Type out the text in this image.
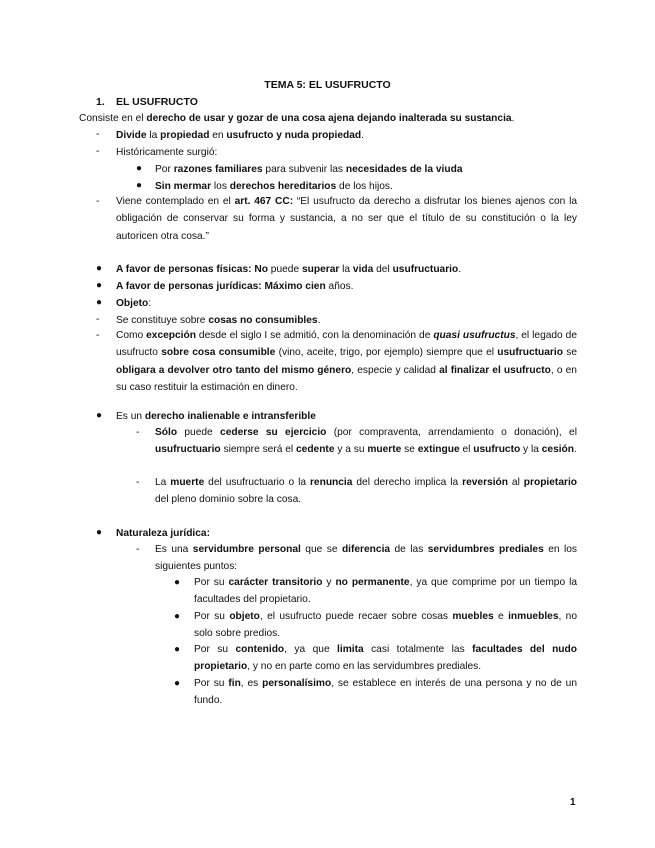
TEMA 5: EL USUFRUCTO
1. EL USUFRUCTO
Consiste en el derecho de usar y gozar de una cosa ajena dejando inalterada su sustancia.
- Divide la propiedad en usufructo y nuda propiedad.
- Históricamente surgió:
● Por razones familiares para subvenir las necesidades de la viuda
● Sin mermar los derechos hereditarios de los hijos.
- Viene contemplado en el art. 467 CC: “El usufructo da derecho a disfrutar los bienes ajenos con la obligación de conservar su forma y sustancia, a no ser que el título de su constitución o la ley autoricen otra cosa.”
● A favor de personas físicas: No puede superar la vida del usufructuario.
● A favor de personas jurídicas: Máximo cien años.
● Objeto:
- Se constituye sobre cosas no consumibles.
- Como excepción desde el siglo I se admitió, con la denominación de quasi usufructus, el legado de usufructo sobre cosa consumible (vino, aceite, trigo, por ejemplo) siempre que el usufructuario se obligara a devolver otro tanto del mismo género, especie y calidad al finalizar el usufructo, o en su caso restituir la estimación en dinero.
● Es un derecho inalienable e intransferible
- Sólo puede cederse su ejercicio (por compraventa, arrendamiento o donación), el usufructuario siempre será el cedente y a su muerte se extingue el usufructo y la cesión.
- La muerte del usufructuario o la renuncia del derecho implica la reversión al propietario del pleno dominio sobre la cosa.
● Naturaleza jurídica:
- Es una servidumbre personal que se diferencia de las servidumbres prediales en los siguientes puntos:
● Por su carácter transitorio y no permanente, ya que comprime por un tiempo la facultades del propietario.
● Por su objeto, el usufructo puede recaer sobre cosas muebles e inmuebles, no solo sobre predios.
● Por su contenido, ya que limita casi totalmente las facultades del nudo propietario, y no en parte como en las servidumbres prediales.
● Por su fin, es personalísimo, se establece en interés de una persona y no de un fundo.
1
